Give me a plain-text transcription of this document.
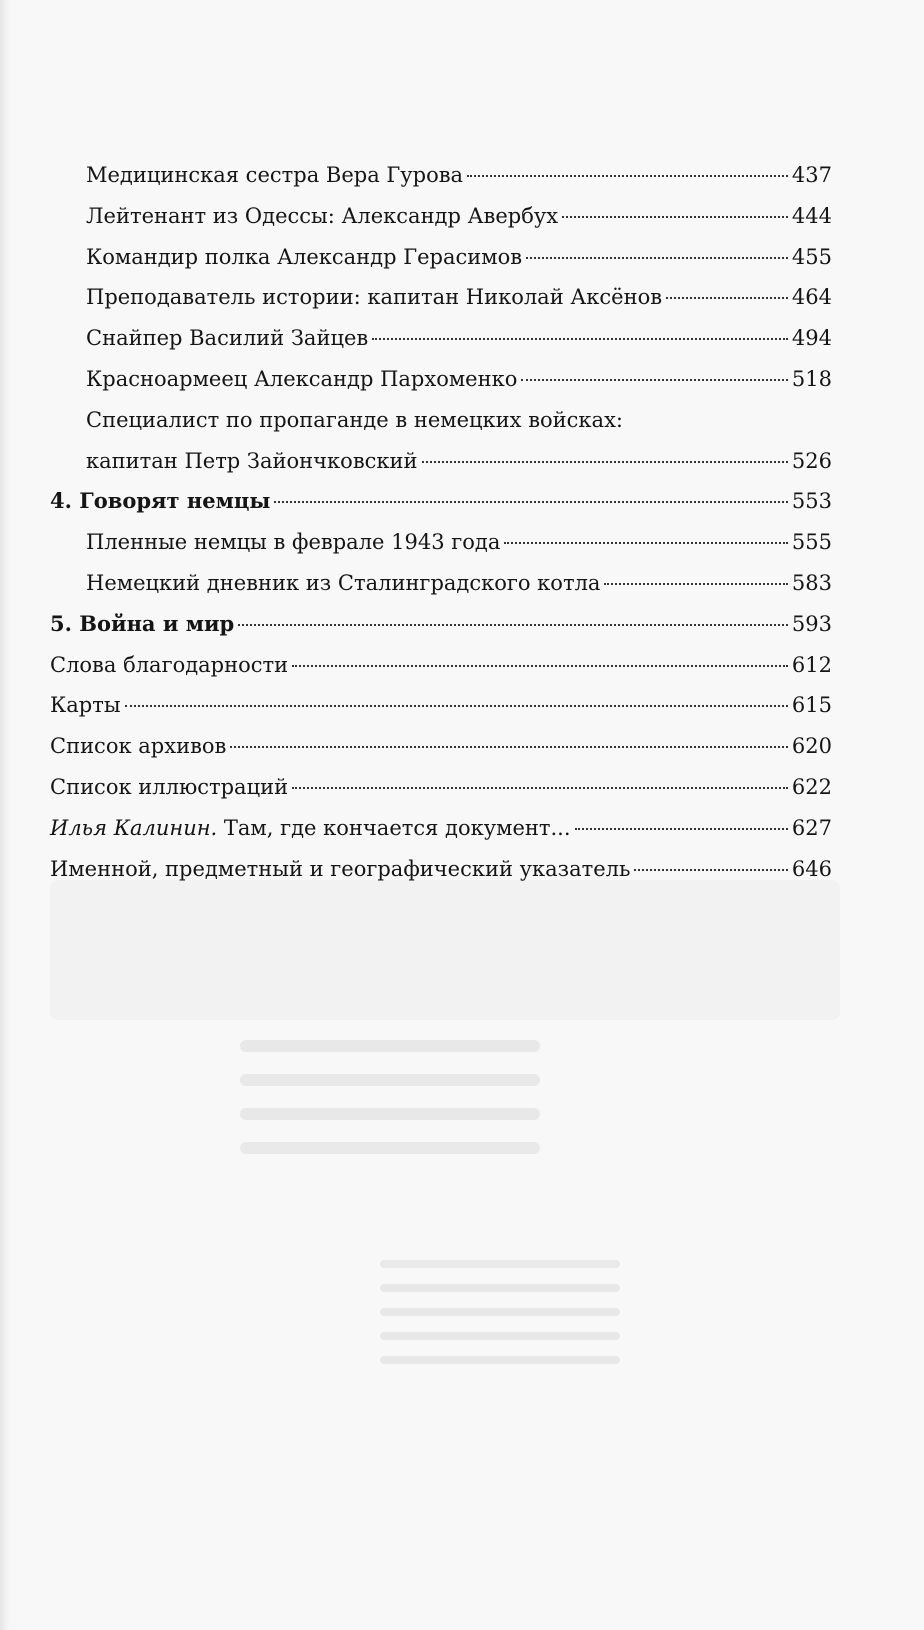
Медицинская сестра Вера Гурова	437
Лейтенант из Одессы: Александр Авербух	444
Командир полка Александр Герасимов	455
Преподаватель истории: капитан Николай Аксёнов	464
Снайпер Василий Зайцев	494
Красноармеец Александр Пархоменко	518
Специалист по пропаганде в немецких войсках:
капитан Петр Зайончковский	526
4. Говорят немцы	553
Пленные немцы в феврале 1943 года	555
Немецкий дневник из Сталинградского котла	583
5. Война и мир	593
Слова благодарности	612
Карты	615
Список архивов	620
Список иллюстраций	622
Илья Калинин. Там, где кончается документ...	627
Именной, предметный и географический указатель	646
